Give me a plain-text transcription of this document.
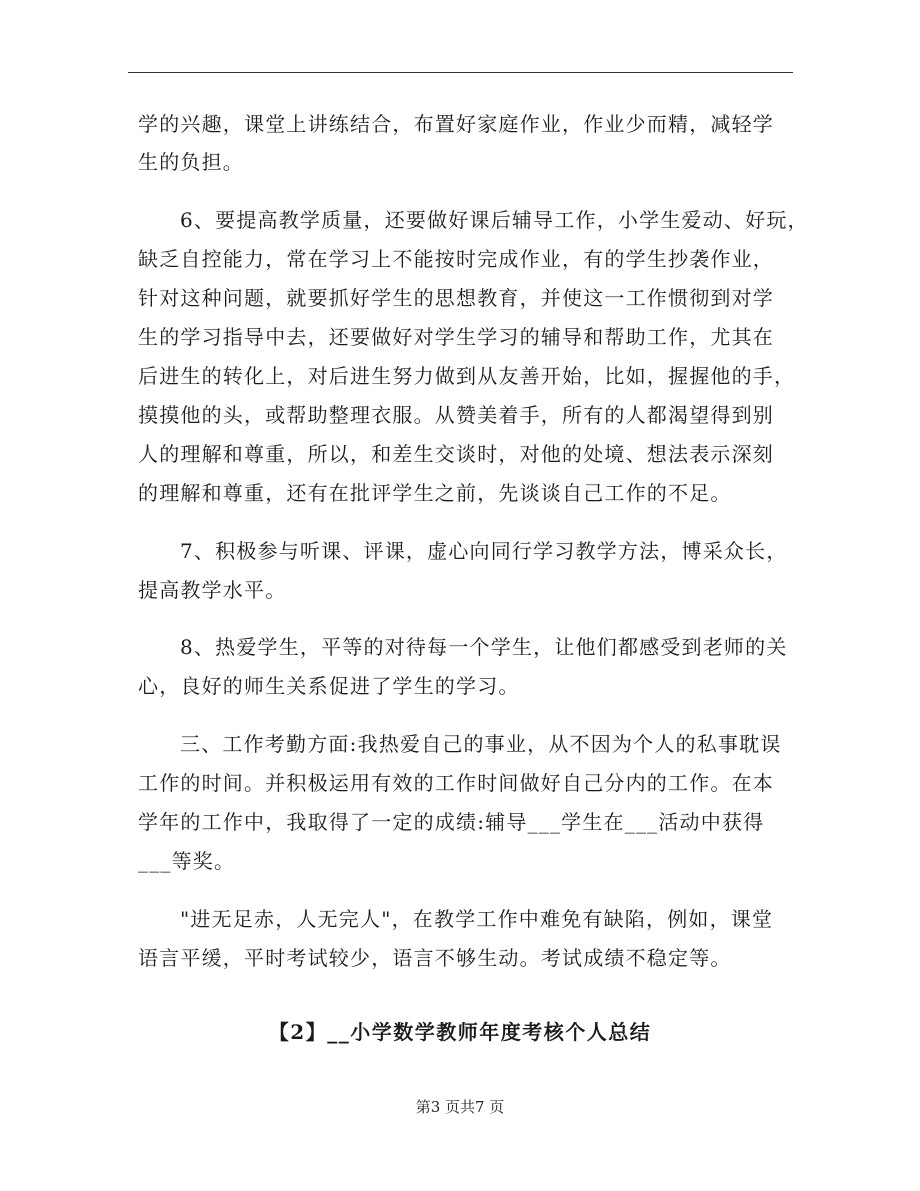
学的兴趣，课堂上讲练结合，布置好家庭作业，作业少而精，减轻学
生的负担。
6、要提高教学质量，还要做好课后辅导工作，小学生爱动、好玩，
缺乏自控能力，常在学习上不能按时完成作业，有的学生抄袭作业，
针对这种问题，就要抓好学生的思想教育，并使这一工作惯彻到对学
生的学习指导中去，还要做好对学生学习的辅导和帮助工作，尤其在
后进生的转化上，对后进生努力做到从友善开始，比如，握握他的手，
摸摸他的头，或帮助整理衣服。从赞美着手，所有的人都渴望得到别
人的理解和尊重，所以，和差生交谈时，对他的处境、想法表示深刻
的理解和尊重，还有在批评学生之前，先谈谈自己工作的不足。
7、积极参与听课、评课，虚心向同行学习教学方法，博采众长，
提高教学水平。
8、热爱学生，平等的对待每一个学生，让他们都感受到老师的关
心，良好的师生关系促进了学生的学习。
三、工作考勤方面:我热爱自己的事业，从不因为个人的私事耽误
工作的时间。并积极运用有效的工作时间做好自己分内的工作。在本
学年的工作中，我取得了一定的成绩:辅导___学生在___活动中获得
___等奖。
"进无足赤，人无完人"，在教学工作中难免有缺陷，例如，课堂
语言平缓，平时考试较少，语言不够生动。考试成绩不稳定等。
【2】__小学数学教师年度考核个人总结
第3 页共7 页
